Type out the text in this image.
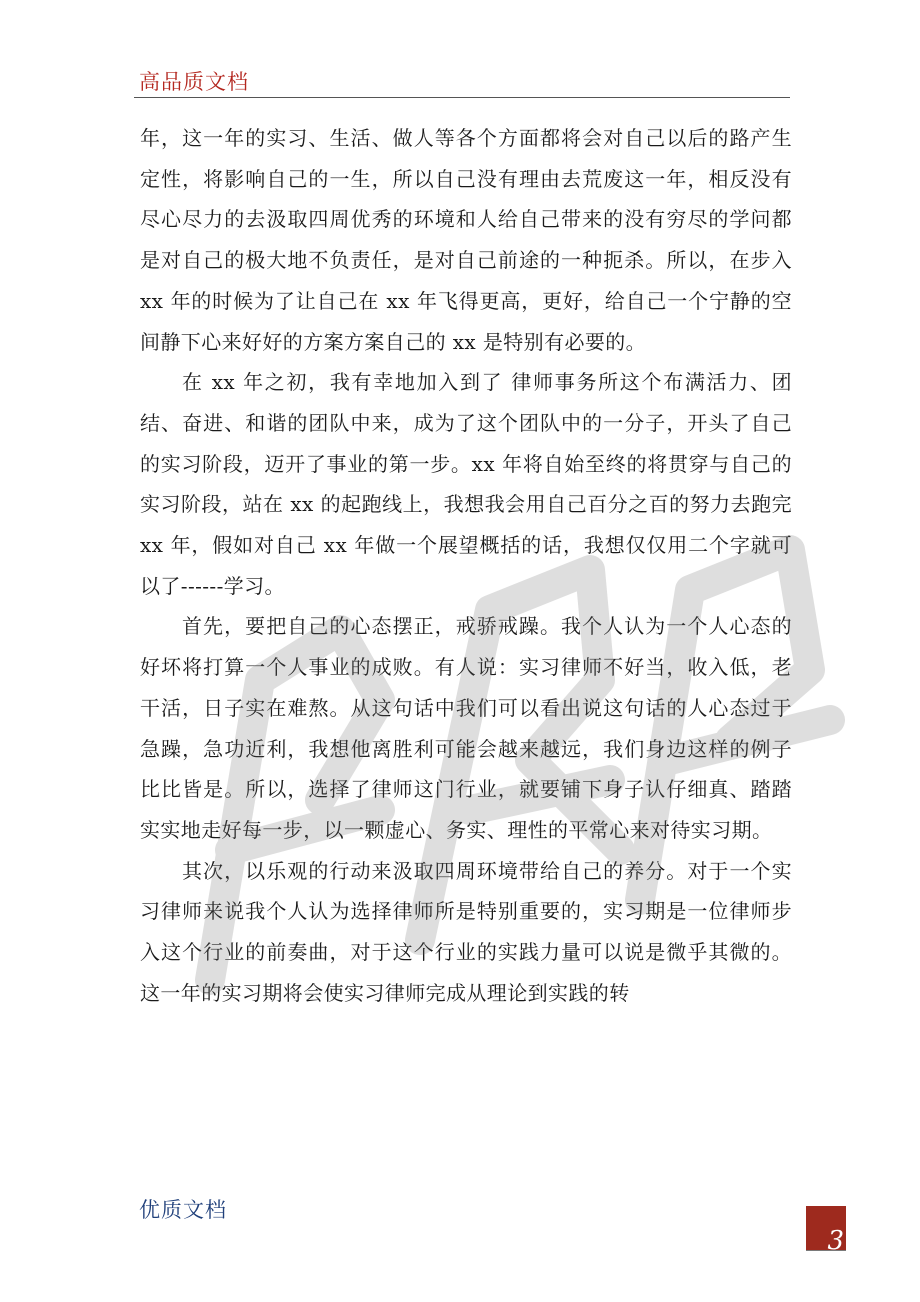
高品质文档

年，这一年的实习、生活、做人等各个方面都将会对自己以后的路产生定性，将影响自己的一生，所以自己没有理由去荒废这一年，相反没有尽心尽力的去汲取四周优秀的环境和人给自己带来的没有穷尽的学问都是对自己的极大地不负责任，是对自己前途的一种扼杀。所以，在步入 xx 年的时候为了让自己在 xx 年飞得更高，更好，给自己一个宁静的空间静下心来好好的方案方案自己的 xx 是特别有必要的。

在 xx 年之初，我有幸地加入到了 律师事务所这个布满活力、团结、奋进、和谐的团队中来，成为了这个团队中的一分子，开头了自己的实习阶段，迈开了事业的第一步。xx 年将自始至终的将贯穿与自己的实习阶段，站在 xx 的起跑线上，我想我会用自己百分之百的努力去跑完 xx 年，假如对自己 xx 年做一个展望概括的话，我想仅仅用二个字就可以了------学习。

首先，要把自己的心态摆正，戒骄戒躁。我个人认为一个人心态的好坏将打算一个人事业的成败。有人说：实习律师不好当，收入低，老干活，日子实在难熬。从这句话中我们可以看出说这句话的人心态过于急躁，急功近利，我想他离胜利可能会越来越远，我们身边这样的例子比比皆是。所以，选择了律师这门行业，就要铺下身子认仔细真、踏踏实实地走好每一步，以一颗虚心、务实、理性的平常心来对待实习期。

其次，以乐观的行动来汲取四周环境带给自己的养分。对于一个实习律师来说我个人认为选择律师所是特别重要的，实习期是一位律师步入这个行业的前奏曲，对于这个行业的实践力量可以说是微乎其微的。这一年的实习期将会使实习律师完成从理论到实践的转

优质文档
3
